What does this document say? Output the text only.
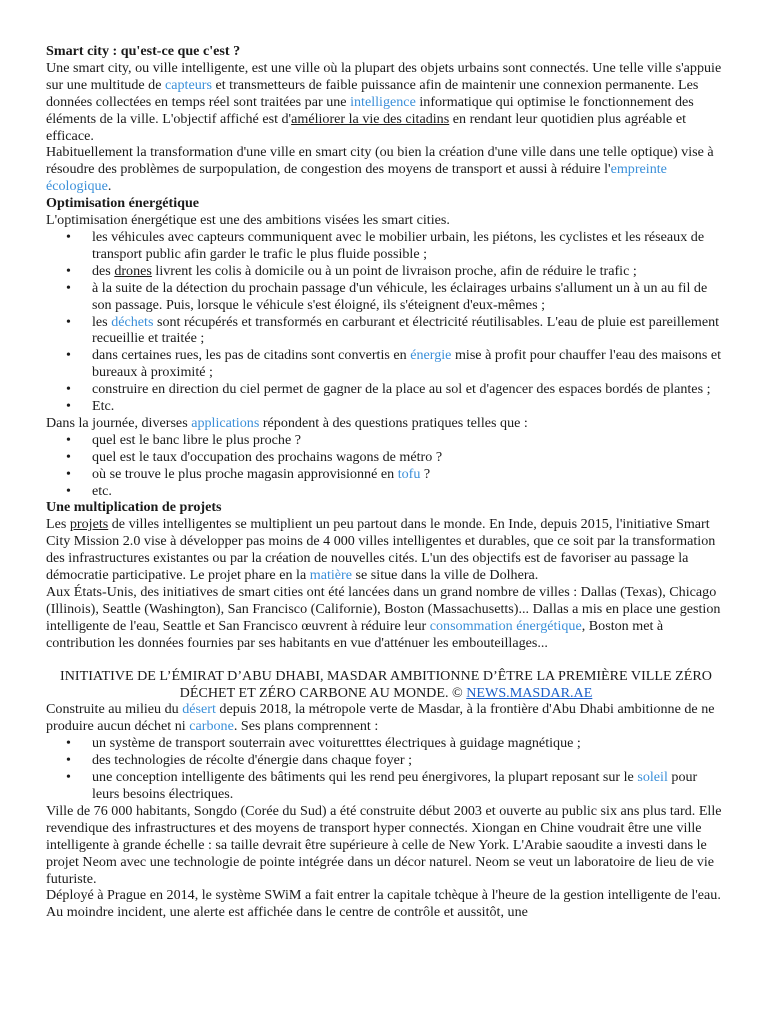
Smart city : qu'est-ce que c'est ?

Une smart city, ou ville intelligente, est une ville où la plupart des objets urbains sont connectés. Une telle ville s'appuie sur une multitude de capteurs et transmetteurs de faible puissance afin de maintenir une connexion permanente. Les données collectées en temps réel sont traitées par une intelligence informatique qui optimise le fonctionnement des éléments de la ville. L'objectif affiché est d'améliorer la vie des citadins en rendant leur quotidien plus agréable et efficace.

Habituellement la transformation d'une ville en smart city (ou bien la création d'une ville dans une telle optique) vise à résoudre des problèmes de surpopulation, de congestion des moyens de transport et aussi à réduire l'empreinte écologique.

Optimisation énergétique

L'optimisation énergétique est une des ambitions visées les smart cities.

• les véhicules avec capteurs communiquent avec le mobilier urbain, les piétons, les cyclistes et les réseaux de transport public afin garder le trafic le plus fluide possible ;
• des drones livrent les colis à domicile ou à un point de livraison proche, afin de réduire le trafic ;
• à la suite de la détection du prochain passage d'un véhicule, les éclairages urbains s'allument un à un au fil de son passage. Puis, lorsque le véhicule s'est éloigné, ils s'éteignent d'eux-mêmes ;
• les déchets sont récupérés et transformés en carburant et électricité réutilisables. L'eau de pluie est pareillement recueillie et traitée ;
• dans certaines rues, les pas de citadins sont convertis en énergie mise à profit pour chauffer l'eau des maisons et bureaux à proximité ;
• construire en direction du ciel permet de gagner de la place au sol et d'agencer des espaces bordés de plantes ;
• Etc.

Dans la journée, diverses applications répondent à des questions pratiques telles que :

• quel est le banc libre le plus proche ?
• quel est le taux d'occupation des prochains wagons de métro ?
• où se trouve le plus proche magasin approvisionné en tofu ?
• etc.

Une multiplication de projets

Les projets de villes intelligentes se multiplient un peu partout dans le monde. En Inde, depuis 2015, l'initiative Smart City Mission 2.0 vise à développer pas moins de 4 000 villes intelligentes et durables, que ce soit par la transformation des infrastructures existantes ou par la création de nouvelles cités. L'un des objectifs est de favoriser au passage la démocratie participative. Le projet phare en la matière se situe dans la ville de Dolhera.

Aux États-Unis, des initiatives de smart cities ont été lancées dans un grand nombre de villes : Dallas (Texas), Chicago (Illinois), Seattle (Washington), San Francisco (Californie), Boston (Massachusetts)... Dallas a mis en place une gestion intelligente de l'eau, Seattle et San Francisco œuvrent à réduire leur consommation énergétique, Boston met à contribution les données fournies par ses habitants en vue d'atténuer les embouteillages...

INITIATIVE DE L’ÉMIRAT D’ABU DHABI, MASDAR AMBITIONNE D’ÊTRE LA PREMIÈRE VILLE ZÉRO DÉCHET ET ZÉRO CARBONE AU MONDE. © NEWS.MASDAR.AE

Construite au milieu du désert depuis 2018, la métropole verte de Masdar, à la frontière d'Abu Dhabi ambitionne de ne produire aucun déchet ni carbone. Ses plans comprennent :

• un système de transport souterrain avec voituretttes électriques à guidage magnétique ;
• des technologies de récolte d'énergie dans chaque foyer ;
• une conception intelligente des bâtiments qui les rend peu énergivores, la plupart reposant sur le soleil pour leurs besoins électriques.

Ville de 76 000 habitants, Songdo (Corée du Sud) a été construite début 2003 et ouverte au public six ans plus tard. Elle revendique des infrastructures et des moyens de transport hyper connectés. Xiongan en Chine voudrait être une ville intelligente à grande échelle : sa taille devrait être supérieure à celle de New York. L'Arabie saoudite a investi dans le projet Neom avec une technologie de pointe intégrée dans un décor naturel. Neom se veut un laboratoire de lieu de vie futuriste.

Déployé à Prague en 2014, le système SWiM a fait entrer la capitale tchèque à l'heure de la gestion intelligente de l'eau. Au moindre incident, une alerte est affichée dans le centre de contrôle et aussitôt, une
